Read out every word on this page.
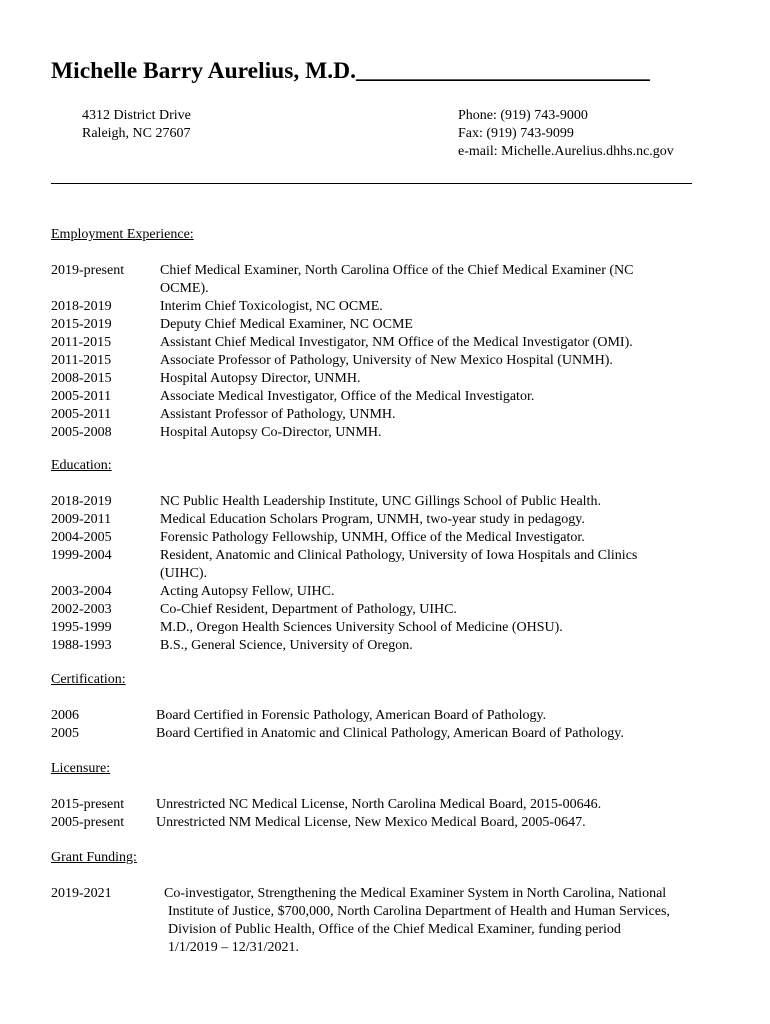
Michelle Barry Aurelius, M.D._________________________
4312 District Drive
Raleigh, NC 27607
Phone: (919) 743-9000
Fax: (919) 743-9099
e-mail: Michelle.Aurelius.dhhs.nc.gov
Employment Experience:
2019-present	Chief Medical Examiner, North Carolina Office of the Chief Medical Examiner (NC OCME).
2018-2019	Interim Chief Toxicologist, NC OCME.
2015-2019	Deputy Chief Medical Examiner, NC OCME
2011-2015	Assistant Chief Medical Investigator, NM Office of the Medical Investigator (OMI).
2011-2015	Associate Professor of Pathology, University of New Mexico Hospital (UNMH).
2008-2015	Hospital Autopsy Director, UNMH.
2005-2011	Associate Medical Investigator, Office of the Medical Investigator.
2005-2011	Assistant Professor of Pathology, UNMH.
2005-2008	Hospital Autopsy Co-Director, UNMH.
Education:
2018-2019	NC Public Health Leadership Institute, UNC Gillings School of Public Health.
2009-2011	Medical Education Scholars Program, UNMH, two-year study in pedagogy.
2004-2005	Forensic Pathology Fellowship, UNMH, Office of the Medical Investigator.
1999-2004	Resident, Anatomic and Clinical Pathology, University of Iowa Hospitals and Clinics (UIHC).
2003-2004	Acting Autopsy Fellow, UIHC.
2002-2003	Co-Chief Resident, Department of Pathology, UIHC.
1995-1999	M.D., Oregon Health Sciences University School of Medicine (OHSU).
1988-1993	B.S., General Science, University of Oregon.
Certification:
2006	Board Certified in Forensic Pathology, American Board of Pathology.
2005	Board Certified in Anatomic and Clinical Pathology, American Board of Pathology.
Licensure:
2015-present	Unrestricted NC Medical License, North Carolina Medical Board, 2015-00646.
2005-present	Unrestricted NM Medical License, New Mexico Medical Board, 2005-0647.
Grant Funding:
2019-2021	Co-investigator, Strengthening the Medical Examiner System in North Carolina, National
Institute of Justice, $700,000, North Carolina Department of Health and Human Services,
Division of Public Health, Office of the Chief Medical Examiner, funding period
1/1/2019 – 12/31/2021.
